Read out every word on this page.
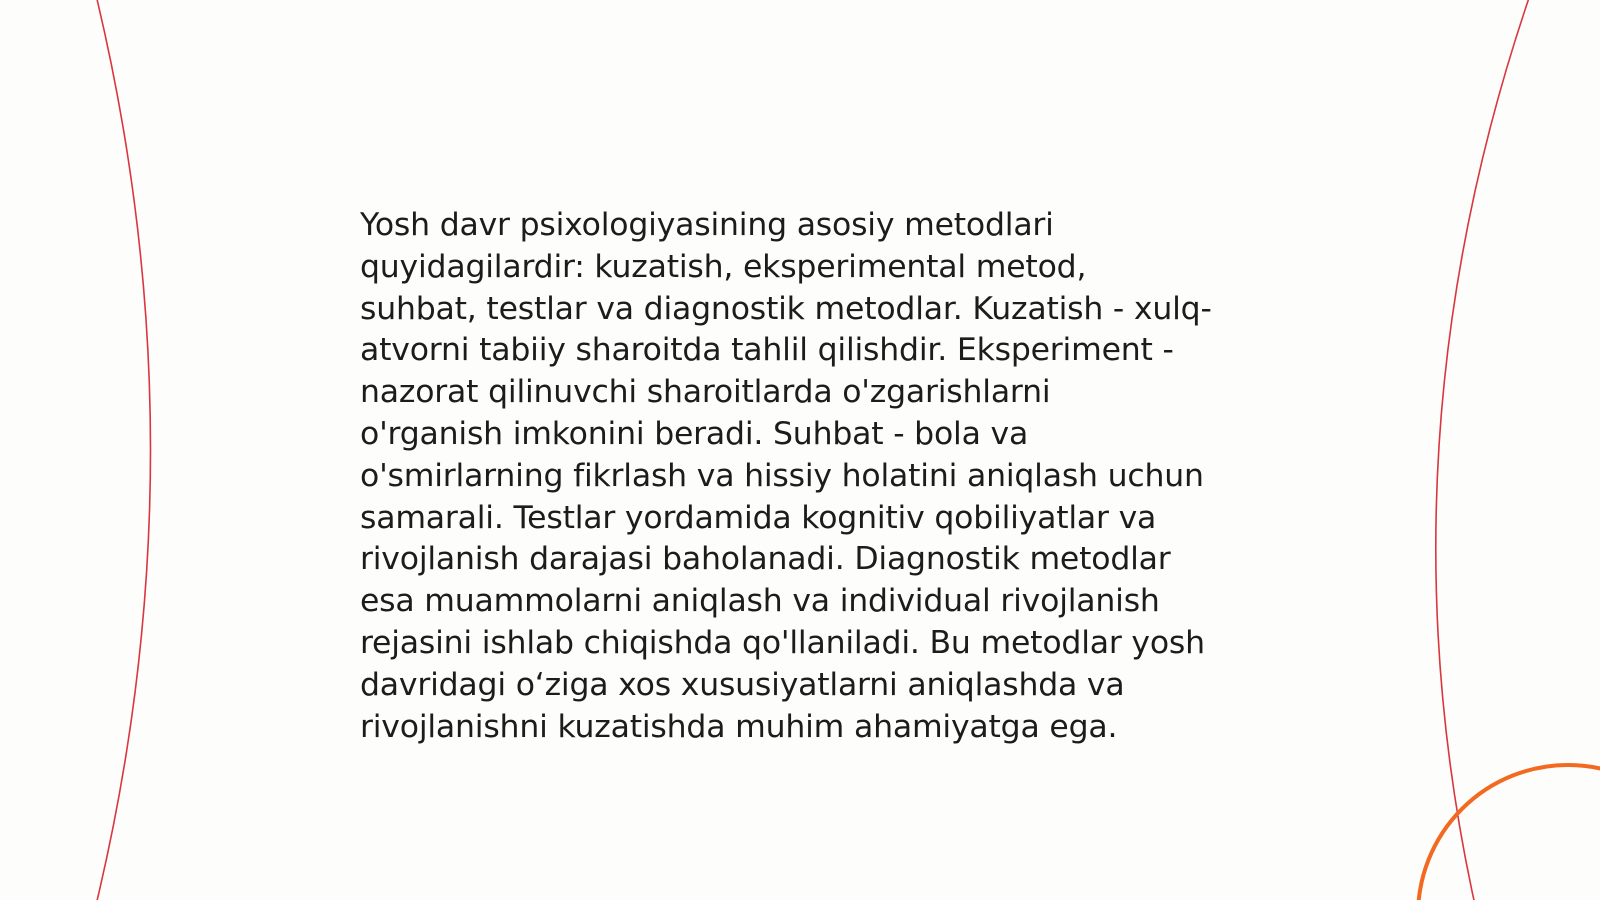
Yosh davr psixologiyasining asosiy metodlari
quyidagilardir: kuzatish, eksperimental metod,
suhbat, testlar va diagnostik metodlar. Kuzatish - xulq-
atvorni tabiiy sharoitda tahlil qilishdir. Eksperiment -
nazorat qilinuvchi sharoitlarda o'zgarishlarni
o'rganish imkonini beradi. Suhbat - bola va
o'smirlarning fikrlash va hissiy holatini aniqlash uchun
samarali. Testlar yordamida kognitiv qobiliyatlar va
rivojlanish darajasi baholanadi. Diagnostik metodlar
esa muammolarni aniqlash va individual rivojlanish
rejasini ishlab chiqishda qo'llaniladi. Bu metodlar yosh
davridagi o‘ziga xos xususiyatlarni aniqlashda va
rivojlanishni kuzatishda muhim ahamiyatga ega.
